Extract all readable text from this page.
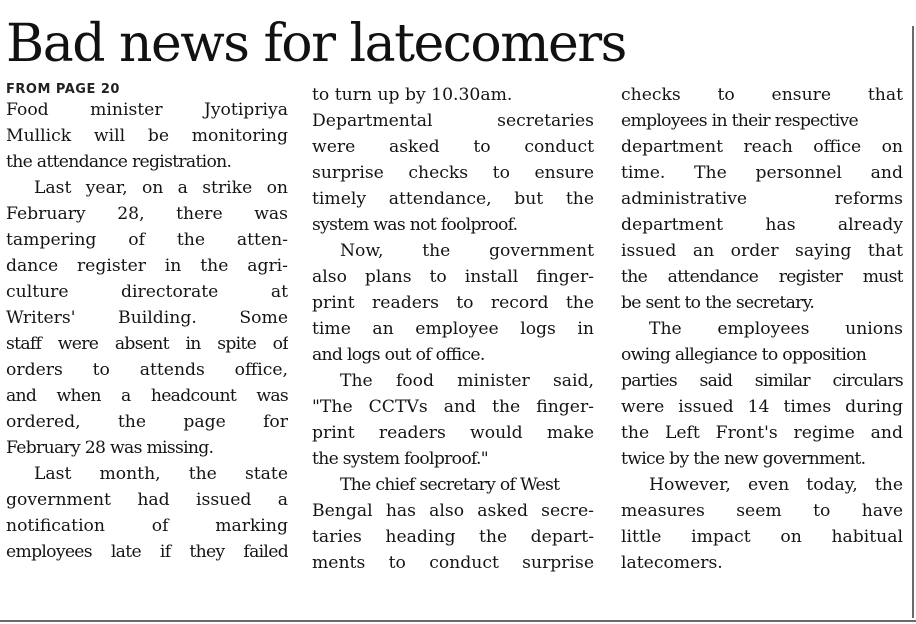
Bad news for latecomers
FROM PAGE 20
Food minister Jyotipriya
Mullick will be monitoring
the attendance registration.
Last year, on a strike on
February 28, there was
tampering of the atten-
dance register in the agri-
culture directorate at
Writers' Building. Some
staff were absent in spite of
orders to attends office,
and when a headcount was
ordered, the page for
February 28 was missing.
Last month, the state
government had issued a
notification of marking
employees late if they failed
to turn up by 10.30am.
Departmental secretaries
were asked to conduct
surprise checks to ensure
timely attendance, but the
system was not foolproof.
Now, the government
also plans to install finger-
print readers to record the
time an employee logs in
and logs out of office.
The food minister said,
"The CCTVs and the finger-
print readers would make
the system foolproof."
The chief secretary of West
Bengal has also asked secre-
taries heading the depart-
ments to conduct surprise
checks to ensure that
employees in their respective
department reach office on
time. The personnel and
administrative reforms
department has already
issued an order saying that
the attendance register must
be sent to the secretary.
The employees unions
owing allegiance to opposition
parties said similar circulars
were issued 14 times during
the Left Front's regime and
twice by the new government.
However, even today, the
measures seem to have
little impact on habitual
latecomers.
